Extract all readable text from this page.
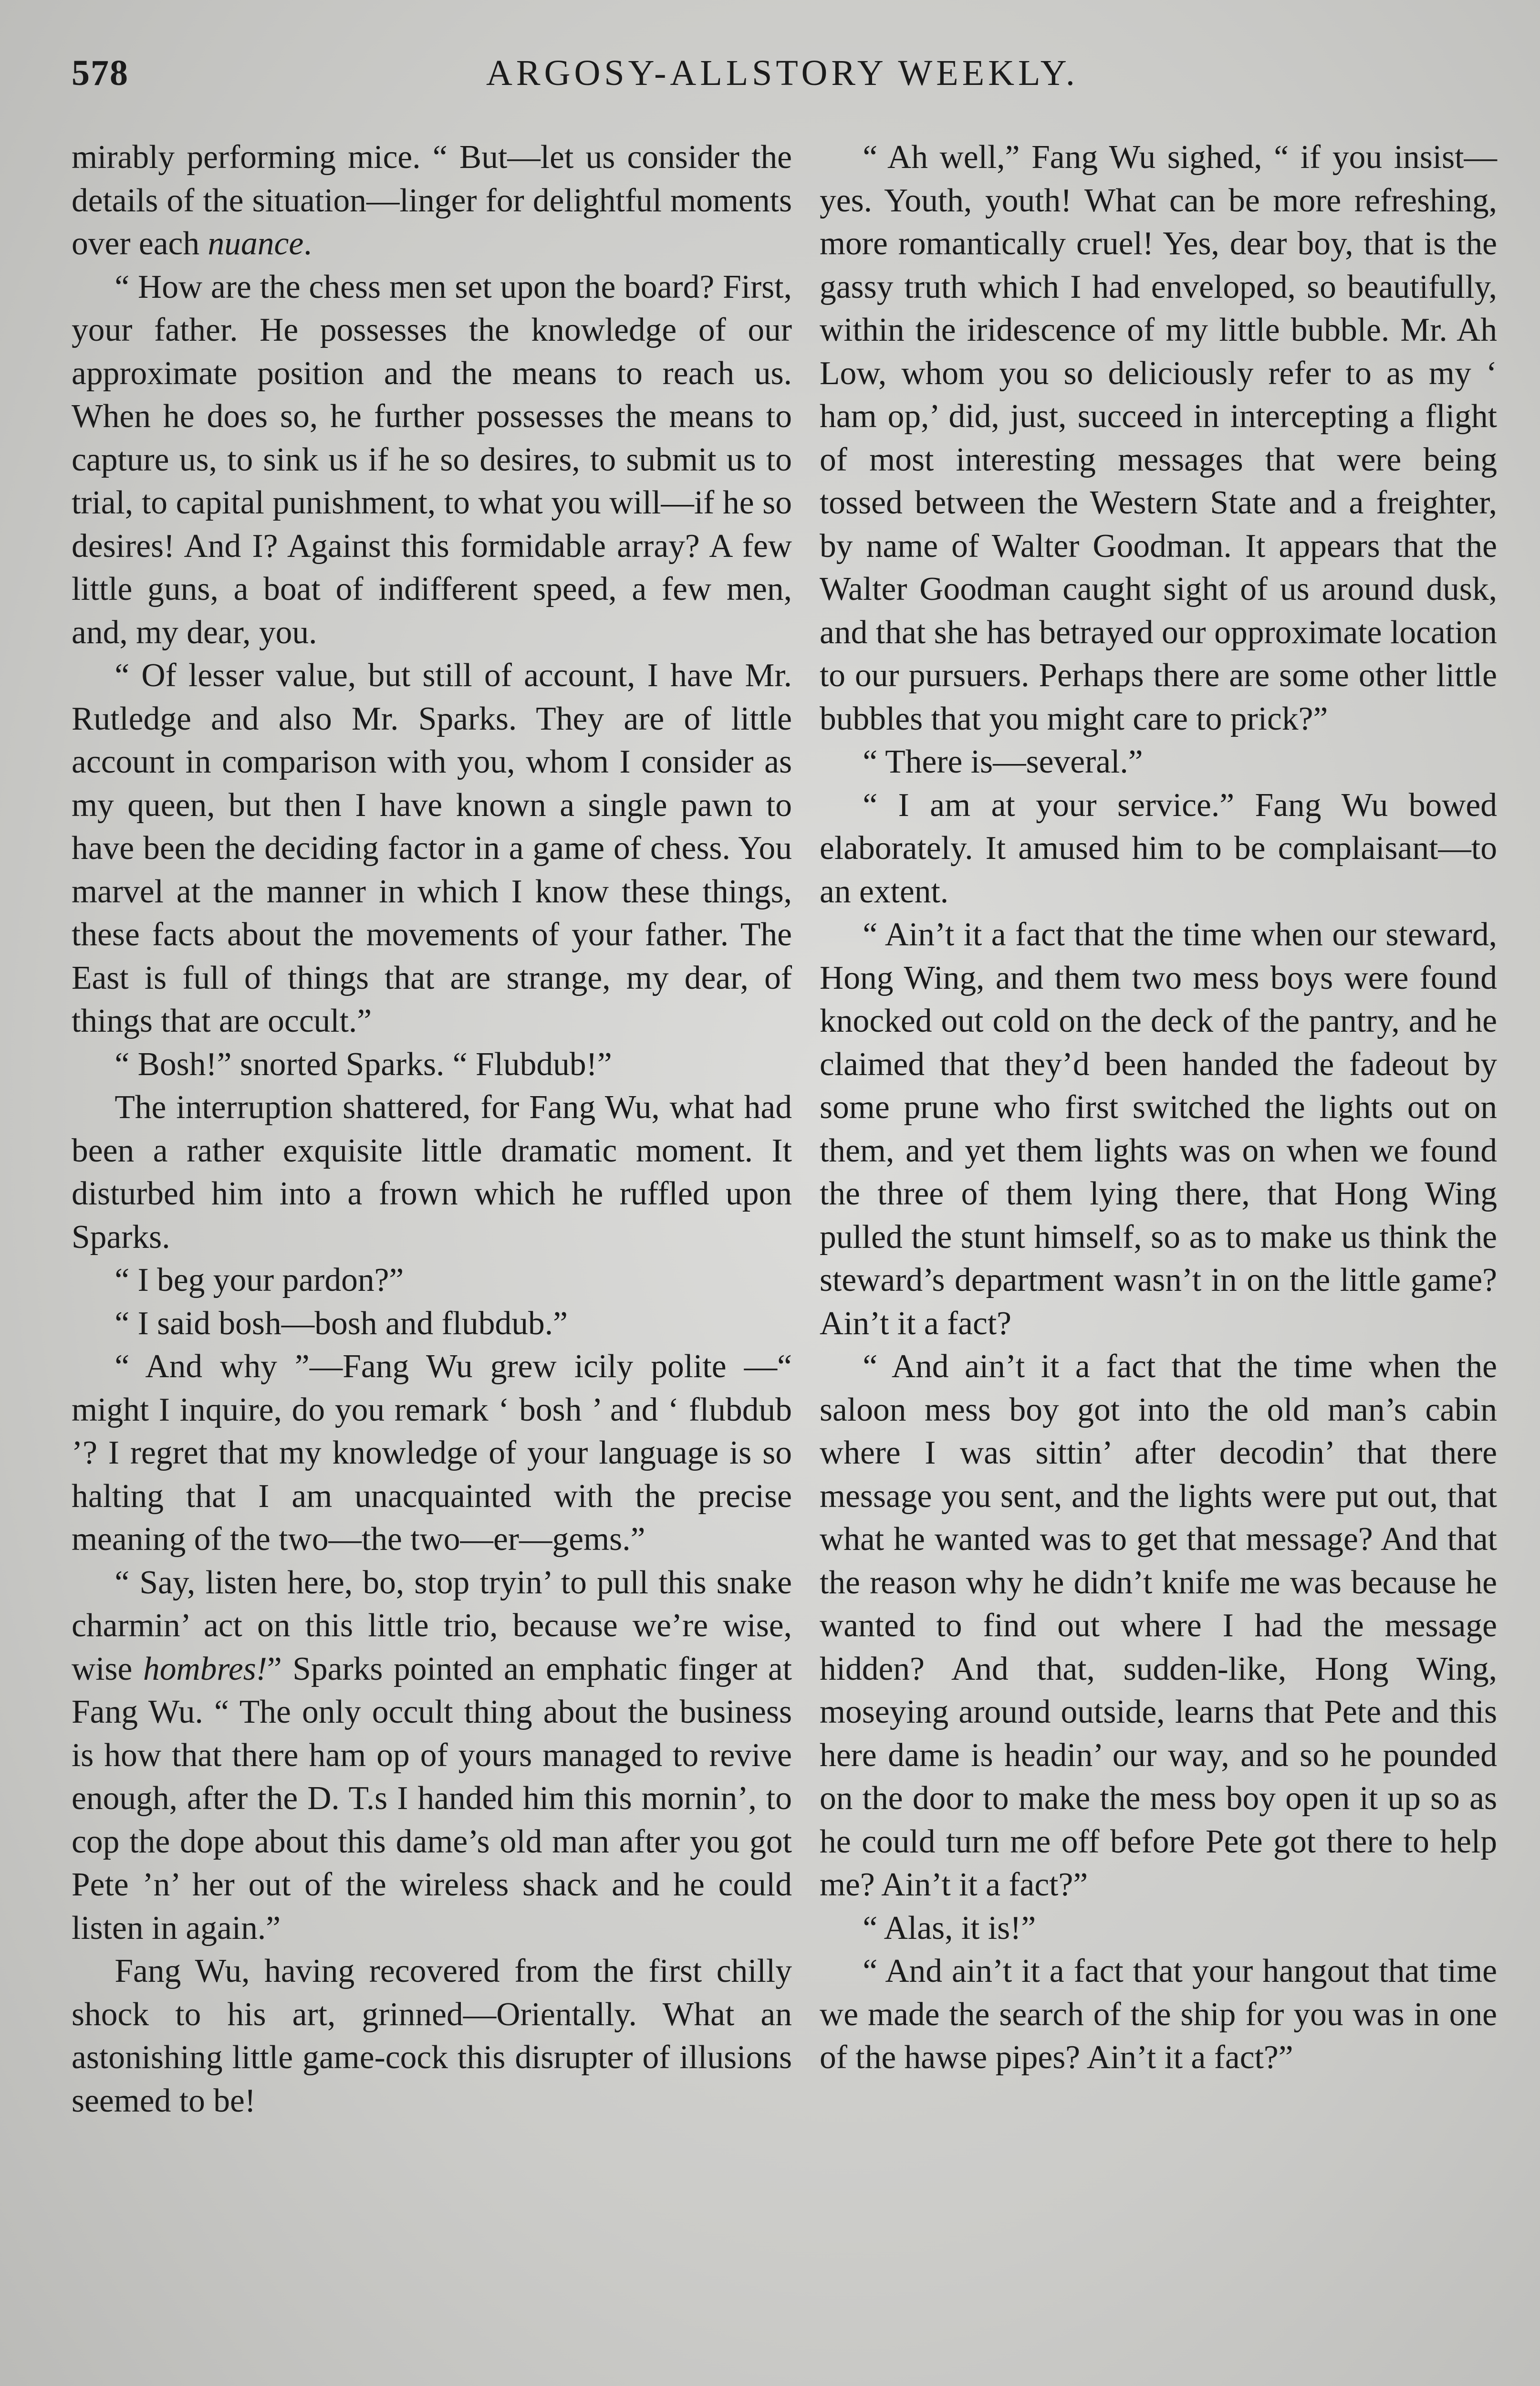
578	ARGOSY-ALLSTORY WEEKLY.

mirably performing mice. “ But—let us consider the details of the situation—linger for delightful moments over each nuance.

“ How are the chess men set upon the board? First, your father. He possesses the knowledge of our approximate position and the means to reach us. When he does so, he further possesses the means to capture us, to sink us if he so desires, to submit us to trial, to capital punishment, to what you will—if he so desires! And I? Against this formidable array? A few little guns, a boat of indifferent speed, a few men, and, my dear, you.

“ Of lesser value, but still of account, I have Mr. Rutledge and also Mr. Sparks. They are of little account in comparison with you, whom I consider as my queen, but then I have known a single pawn to have been the deciding factor in a game of chess. You marvel at the manner in which I know these things, these facts about the movements of your father. The East is full of things that are strange, my dear, of things that are occult.”

“ Bosh!” snorted Sparks. “ Flubdub!”

The interruption shattered, for Fang Wu, what had been a rather exquisite little dramatic moment. It disturbed him into a frown which he ruffled upon Sparks.

“ I beg your pardon?”

“ I said bosh—bosh and flubdub.”

“ And why ”—Fang Wu grew icily polite —“ might I inquire, do you remark ‘ bosh ’ and ‘ flubdub ’? I regret that my knowledge of your language is so halting that I am unacquainted with the precise meaning of the two—the two—er—gems.”

“ Say, listen here, bo, stop tryin’ to pull this snake charmin’ act on this little trio, because we’re wise, wise hombres!” Sparks pointed an emphatic finger at Fang Wu. “ The only occult thing about the business is how that there ham op of yours managed to revive enough, after the D. T.s I handed him this mornin’, to cop the dope about this dame’s old man after you got Pete ’n’ her out of the wireless shack and he could listen in again.”

Fang Wu, having recovered from the first chilly shock to his art, grinned—Orientally. What an astonishing little game-cock this disrupter of illusions seemed to be!

“ Ah well,” Fang Wu sighed, “ if you insist—yes. Youth, youth! What can be more refreshing, more romantically cruel! Yes, dear boy, that is the gassy truth which I had enveloped, so beautifully, within the iridescence of my little bubble. Mr. Ah Low, whom you so deliciously refer to as my ‘ ham op,’ did, just, succeed in intercepting a flight of most interesting messages that were being tossed between the Western State and a freighter, by name of Walter Goodman. It appears that the Walter Goodman caught sight of us around dusk, and that she has betrayed our opproximate location to our pursuers. Perhaps there are some other little bubbles that you might care to prick?”

“ There is—several.”

“ I am at your service.” Fang Wu bowed elaborately. It amused him to be complaisant—to an extent.

“ Ain’t it a fact that the time when our steward, Hong Wing, and them two mess boys were found knocked out cold on the deck of the pantry, and he claimed that they’d been handed the fadeout by some prune who first switched the lights out on them, and yet them lights was on when we found the three of them lying there, that Hong Wing pulled the stunt himself, so as to make us think the steward’s department wasn’t in on the little game? Ain’t it a fact?

“ And ain’t it a fact that the time when the saloon mess boy got into the old man’s cabin where I was sittin’ after decodin’ that there message you sent, and the lights were put out, that what he wanted was to get that message? And that the reason why he didn’t knife me was because he wanted to find out where I had the message hidden? And that, sudden-like, Hong Wing, moseying around outside, learns that Pete and this here dame is headin’ our way, and so he pounded on the door to make the mess boy open it up so as he could turn me off before Pete got there to help me? Ain’t it a fact?”

“ Alas, it is!”

“ And ain’t it a fact that your hangout that time we made the search of the ship for you was in one of the hawse pipes? Ain’t it a fact?”
